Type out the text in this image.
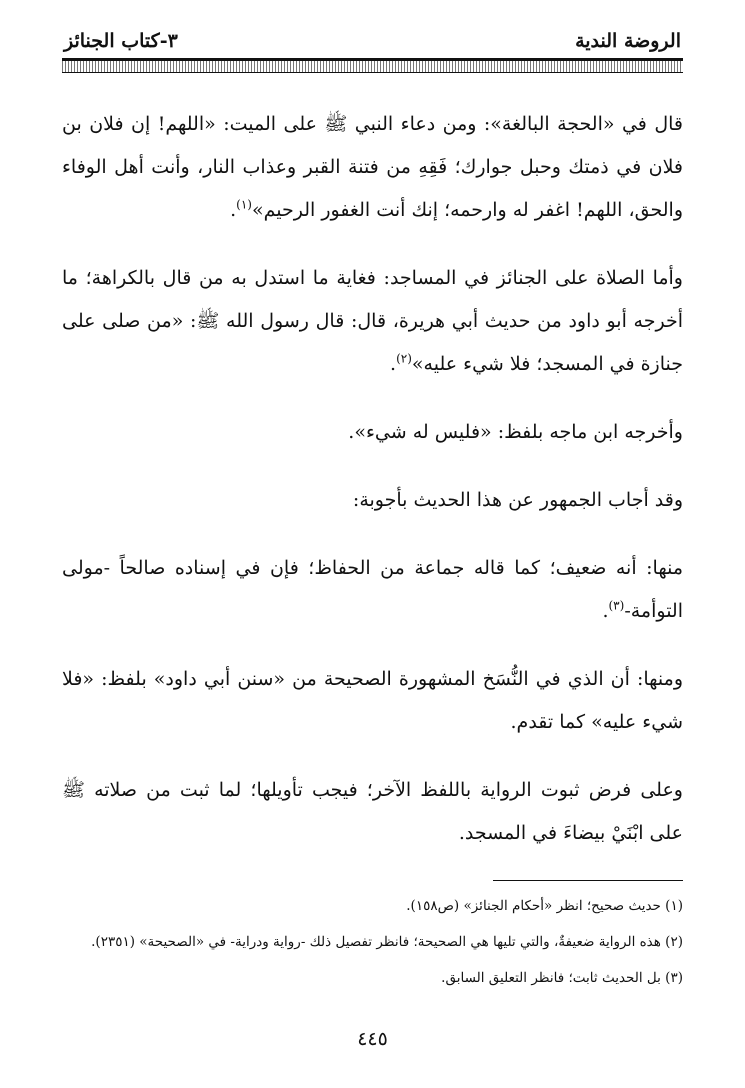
الروضة الندية
٣-كتاب الجنائز

قال في «الحجة البالغة»: ومن دعاء النبي ﷺ على الميت: «اللهم! إن فلان بن فلان في ذمتك وحبل جوارك؛ فَقِهِ من فتنة القبر وعذاب النار، وأنت أهل الوفاء والحق، اللهم! اغفر له وارحمه؛ إنك أنت الغفور الرحيم»$^{(١)}$.

وأما الصلاة على الجنائز في المساجد: فغاية ما استدل به من قال بالكراهة؛ ما أخرجه أبو داود من حديث أبي هريرة، قال: قال رسول الله ﷺ: «من صلى على جنازة في المسجد؛ فلا شيء عليه»$^{(٢)}$.

وأخرجه ابن ماجه بلفظ: «فليس له شيء».

وقد أجاب الجمهور عن هذا الحديث بأجوبة:

منها: أنه ضعيف؛ كما قاله جماعة من الحفاظ؛ فإن في إسناده صالحاً -مولى التوأمة-$^{(٣)}$.

ومنها: أن الذي في النُّسَخ المشهورة الصحيحة من «سنن أبي داود» بلفظ: «فلا شيء عليه» كما تقدم.

وعلى فرض ثبوت الرواية باللفظ الآخر؛ فيجب تأويلها؛ لما ثبت من صلاته ﷺ على ابْنَيْ بيضاءَ في المسجد.

(١) حديث صحيح؛ انظر «أحكام الجنائز» (ص١٥٨).

(٢) هذه الرواية ضعيفةٌ، والتي تليها هي الصحيحة؛ فانظر تفصيل ذلك -رواية ودراية- في «الصحيحة» (٢٣٥١).

(٣) بل الحديث ثابت؛ فانظر التعليق السابق.

٤٤٥
